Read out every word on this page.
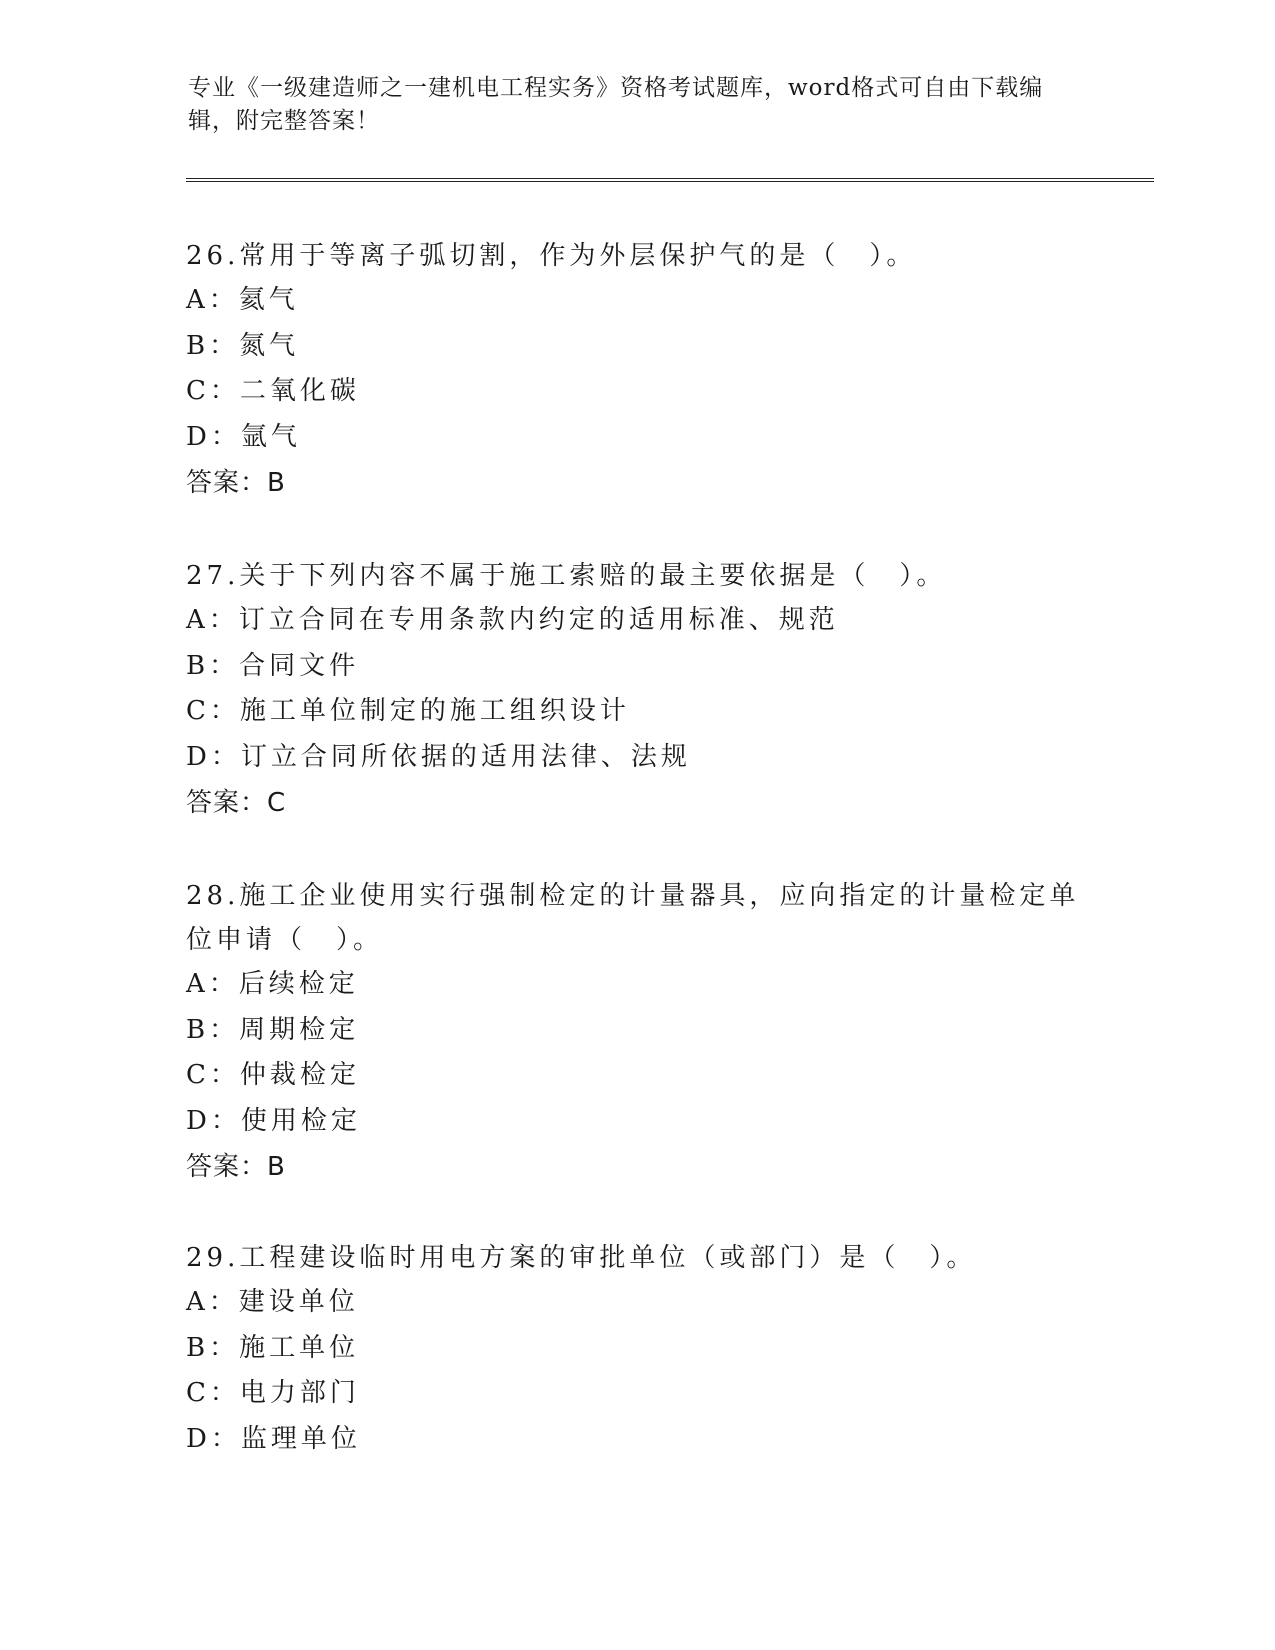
专业《一级建造师之一建机电工程实务》资格考试题库，word格式可自由下载编辑，附完整答案！

26.常用于等离子弧切割，作为外层保护气的是（　）。

A：氦气

B：氮气

C：二氧化碳

D：氩气

答案：B

27.关于下列内容不属于施工索赔的最主要依据是（　）。

A：订立合同在专用条款内约定的适用标准、规范

B：合同文件

C：施工单位制定的施工组织设计

D：订立合同所依据的适用法律、法规

答案：C

28.施工企业使用实行强制检定的计量器具，应向指定的计量检定单位申请（　）。

A：后续检定

B：周期检定

C：仲裁检定

D：使用检定

答案：B

29.工程建设临时用电方案的审批单位（或部门）是（　）。

A：建设单位

B：施工单位

C：电力部门

D：监理单位
